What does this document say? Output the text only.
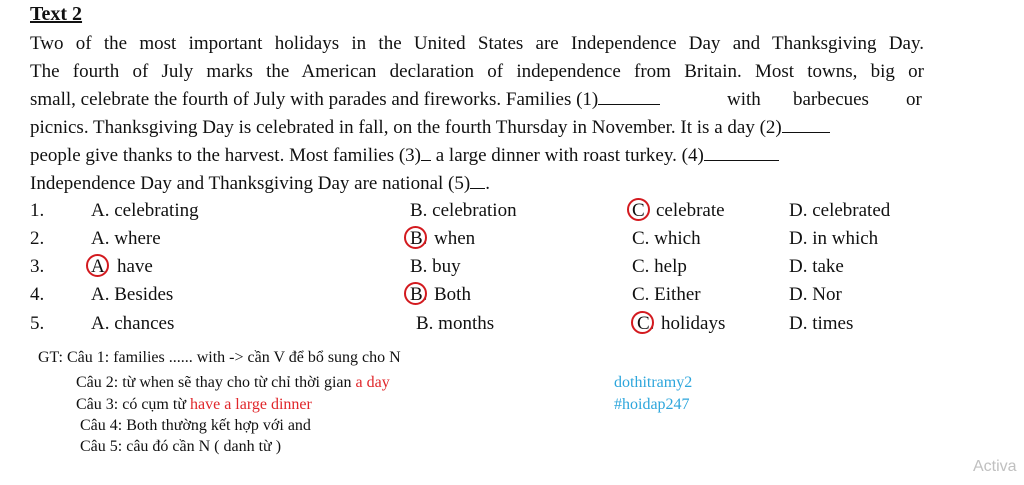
Text 2
Two of the most important holidays in the United States are Independence Day and Thanksgiving Day.
The fourth of July marks the American declaration of independence from Britain. Most towns, big or
small, celebrate the fourth of July with parades and fireworks. Families (1)	with barbecues or
picnics. Thanksgiving Day is celebrated in fall, on the fourth Thursday in November. It is a day (2)
people give thanks to the harvest. Most families (3) a large dinner with roast turkey. (4)
Independence Day and Thanksgiving Day are national (5) .
1. A. celebrating	B. celebration	C celebrate	D. celebrated
2. A. where	B. when	C. which	D. in which
3. A have	B. buy	C. help	D. take
4. A. Besides	B. Both	C. Either	D. Nor
5. A. chances	B. months	C. holidays	D. times
GT: Câu 1: families ...... with -> cần V để bổ sung cho N
Câu 2: từ when sẽ thay cho từ chỉ thời gian a day
Câu 3: có cụm từ have a large dinner
Câu 4: Both thường kết hợp với and
Câu 5: câu đó cần N ( danh từ )
dothitramy2
#hoidap247
Activa
